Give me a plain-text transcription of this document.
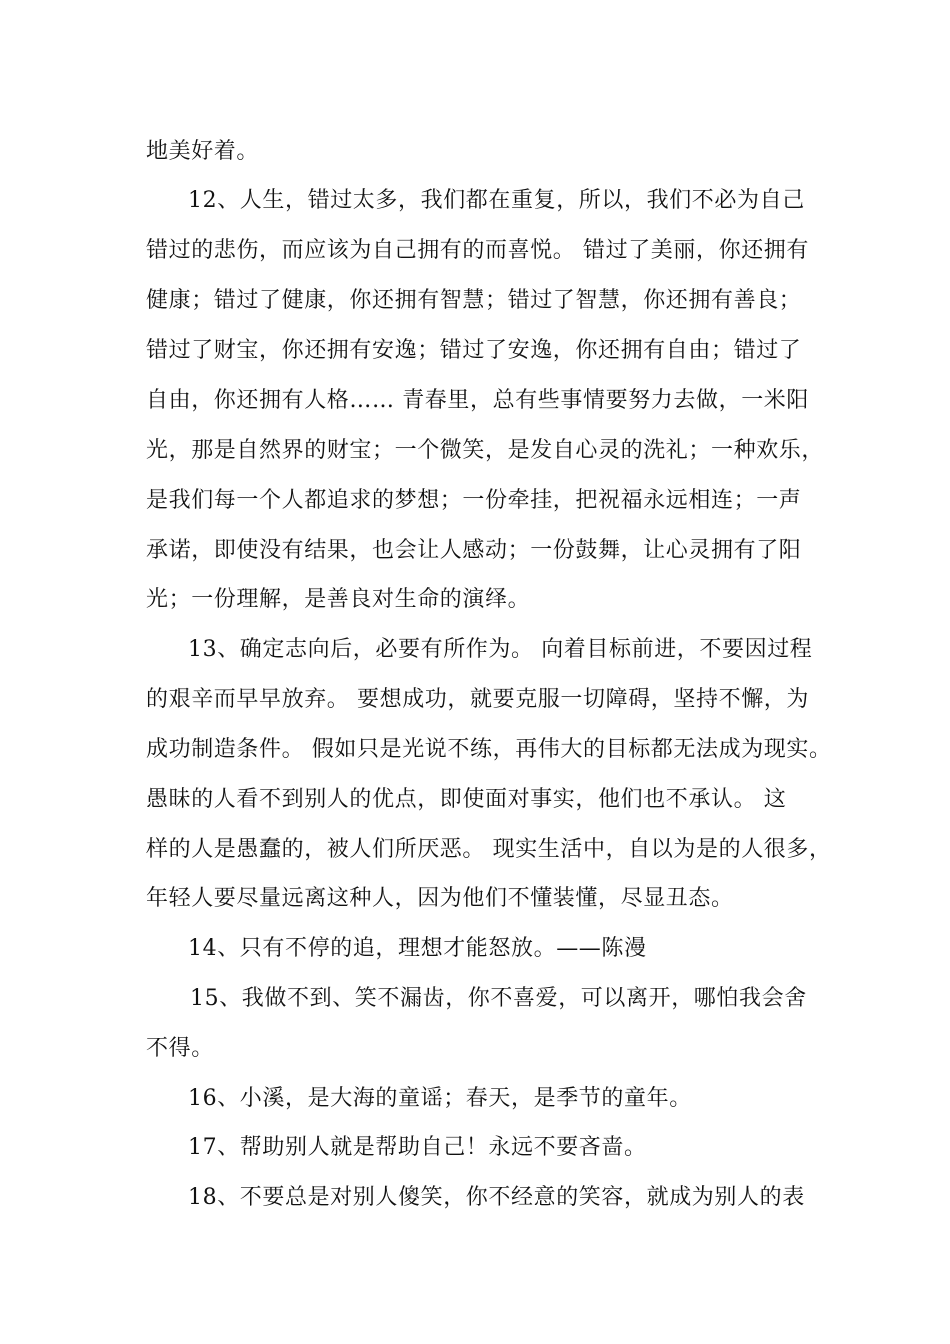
地美好着。
12、人生，错过太多，我们都在重复，所以，我们不必为自己
错过的悲伤，而应该为自己拥有的而喜悦。 错过了美丽，你还拥有
健康；错过了健康，你还拥有智慧；错过了智慧，你还拥有善良；
错过了财宝，你还拥有安逸；错过了安逸，你还拥有自由；错过了
自由，你还拥有人格…… 青春里，总有些事情要努力去做，一米阳
光，那是自然界的财宝；一个微笑，是发自心灵的洗礼；一种欢乐，
是我们每一个人都追求的梦想；一份牵挂，把祝福永远相连；一声
承诺，即使没有结果，也会让人感动；一份鼓舞，让心灵拥有了阳
光；一份理解，是善良对生命的演绎。
13、确定志向后，必要有所作为。 向着目标前进，不要因过程
的艰辛而早早放弃。 要想成功，就要克服一切障碍，坚持不懈，为
成功制造条件。 假如只是光说不练，再伟大的目标都无法成为现实。
愚昧的人看不到别人的优点，即使面对事实，他们也不承认。 这
样的人是愚蠢的，被人们所厌恶。 现实生活中，自以为是的人很多，
年轻人要尽量远离这种人，因为他们不懂装懂，尽显丑态。
14、只有不停的追，理想才能怒放。——陈漫
15、我做不到、笑不漏齿，你不喜爱，可以离开，哪怕我会舍
不得。
16、小溪，是大海的童谣；春天，是季节的童年。
17、帮助别人就是帮助自己！永远不要吝啬。
18、不要总是对别人傻笑，你不经意的笑容，就成为别人的表
